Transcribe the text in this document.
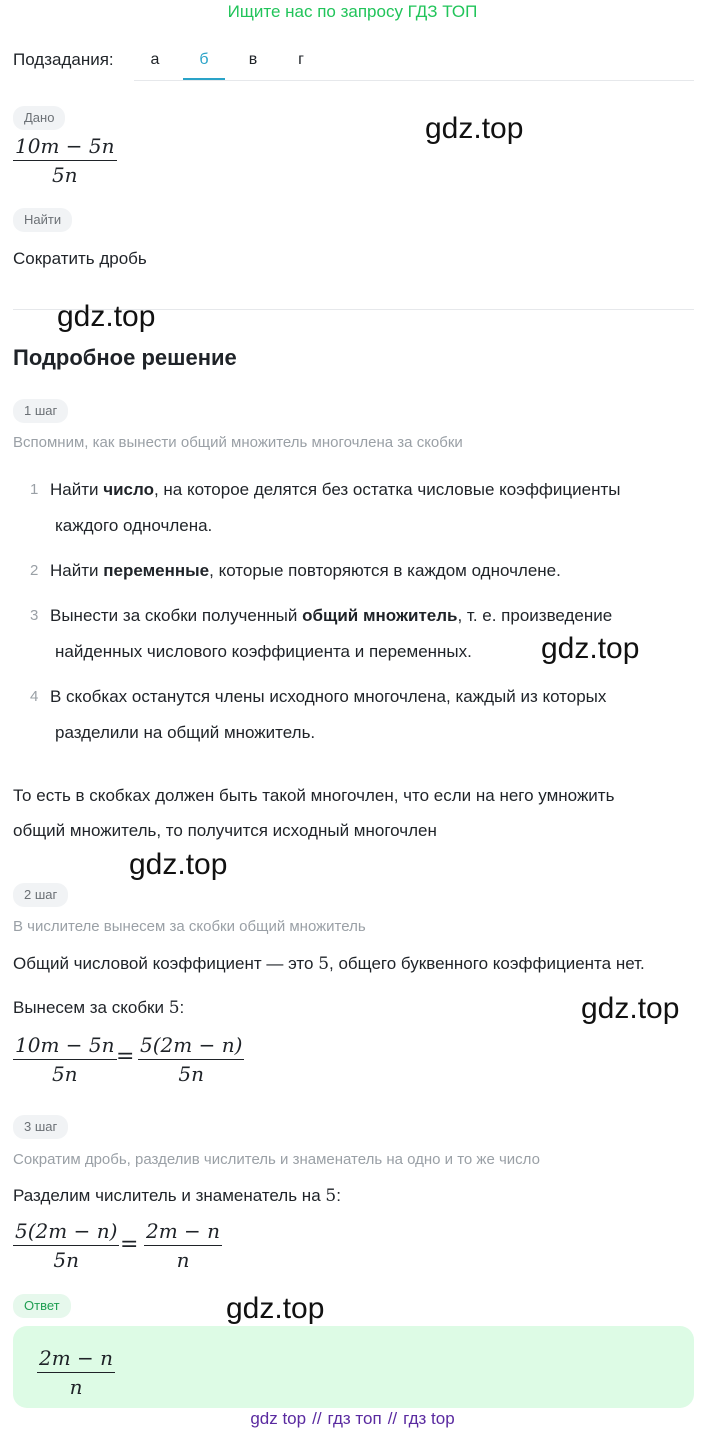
Ищите нас по запросу ГДЗ ТОП
Подзадания:	а	б	в	г
Дано
$\frac{10m - 5n}{5n}$
gdz.top
Найти
Сократить дробь
gdz.top
Подробное решение
1 шаг
Вспомним, как вынести общий множитель многочлена за скобки
1 Найти число, на которое делятся без остатка числовые коэффициенты
каждого одночлена.
2 Найти переменные, которые повторяются в каждом одночлене.
3 Вынести за скобки полученный общий множитель, т. е. произведение
найденных числового коэффициента и переменных.	gdz.top
4 В скобках останутся члены исходного многочлена, каждый из которых
разделили на общий множитель.
То есть в скобках должен быть такой многочлен, что если на него умножить
общий множитель, то получится исходный многочлен
gdz.top
2 шаг
В числителе вынесем за скобки общий множитель
Общий числовой коэффициент — это 5, общего буквенного коэффициента нет.
Вынесем за скобки 5:	gdz.top
$\frac{10m - 5n}{5n} = \frac{5(2m - n)}{5n}$
3 шаг
Сократим дробь, разделив числитель и знаменатель на одно и то же число
Разделим числитель и знаменатель на 5:
$\frac{5(2m - n)}{5n} = \frac{2m - n}{n}$
Ответ	gdz.top
$\frac{2m - n}{n}$
gdz top // гдз топ // гдз top
